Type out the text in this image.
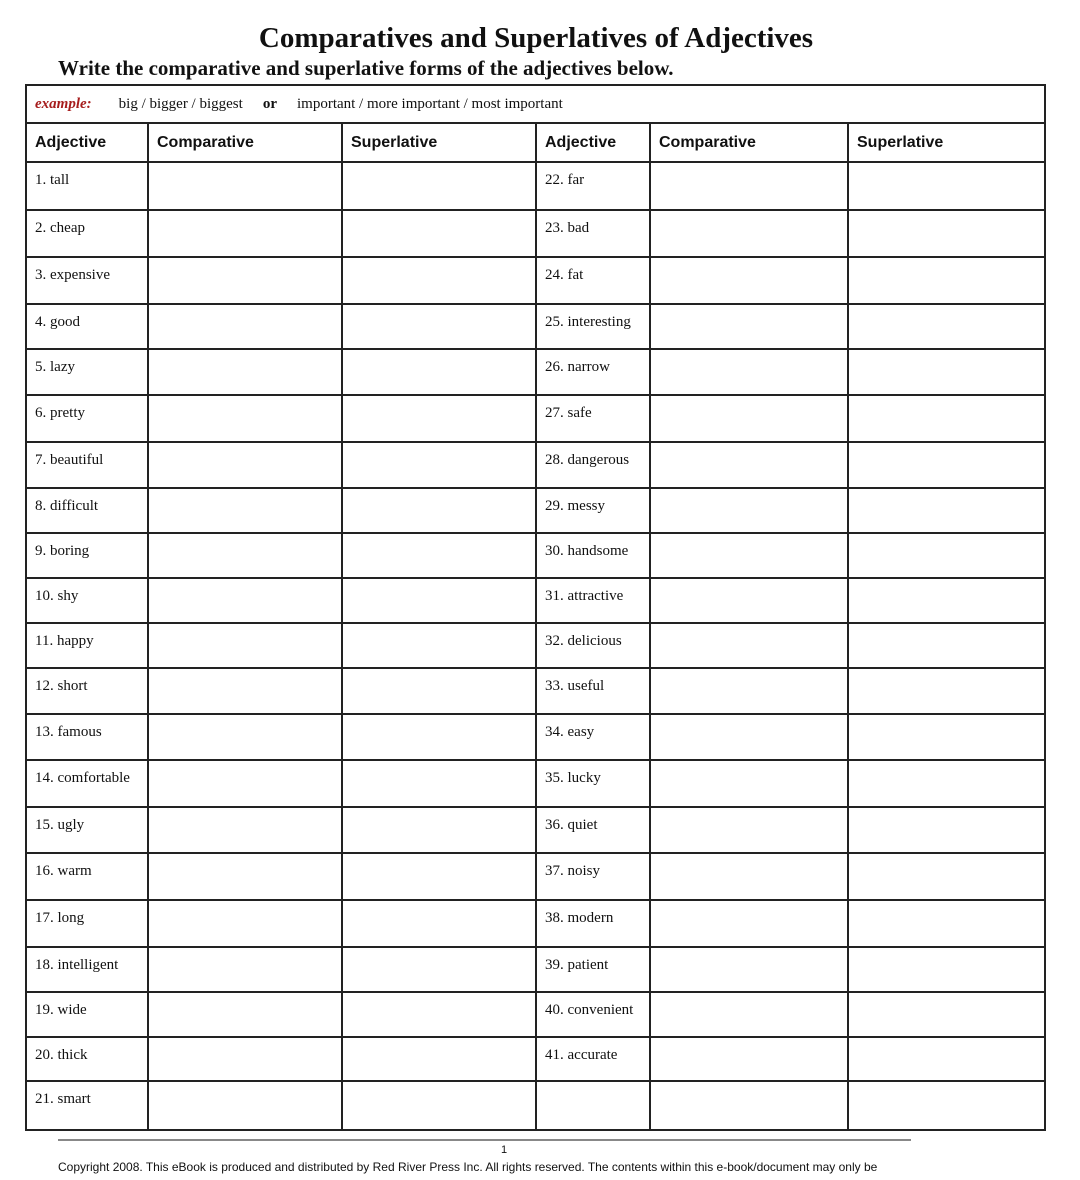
Comparatives and Superlatives of Adjectives
Write the comparative and superlative forms of the adjectives below.
example: big / bigger / biggest or important / more important / most important
Adjective	Comparative	Superlative	Adjective	Comparative	Superlative
1. tall			22. far		
2. cheap			23. bad		
3. expensive			24. fat		
4. good			25. interesting		
5. lazy			26. narrow		
6. pretty			27. safe		
7. beautiful			28. dangerous		
8. difficult			29. messy		
9. boring			30. handsome		
10. shy			31. attractive		
11. happy			32. delicious		
12. short			33. useful		
13. famous			34. easy		
14. comfortable			35. lucky		
15. ugly			36. quiet		
16. warm			37. noisy		
17. long			38. modern		
18. intelligent			39. patient		
19. wide			40. convenient		
20. thick			41. accurate		
21. smart					
1
Copyright 2008. This eBook is produced and distributed by Red River Press Inc. All rights reserved. The contents within this e-book/document may only be
